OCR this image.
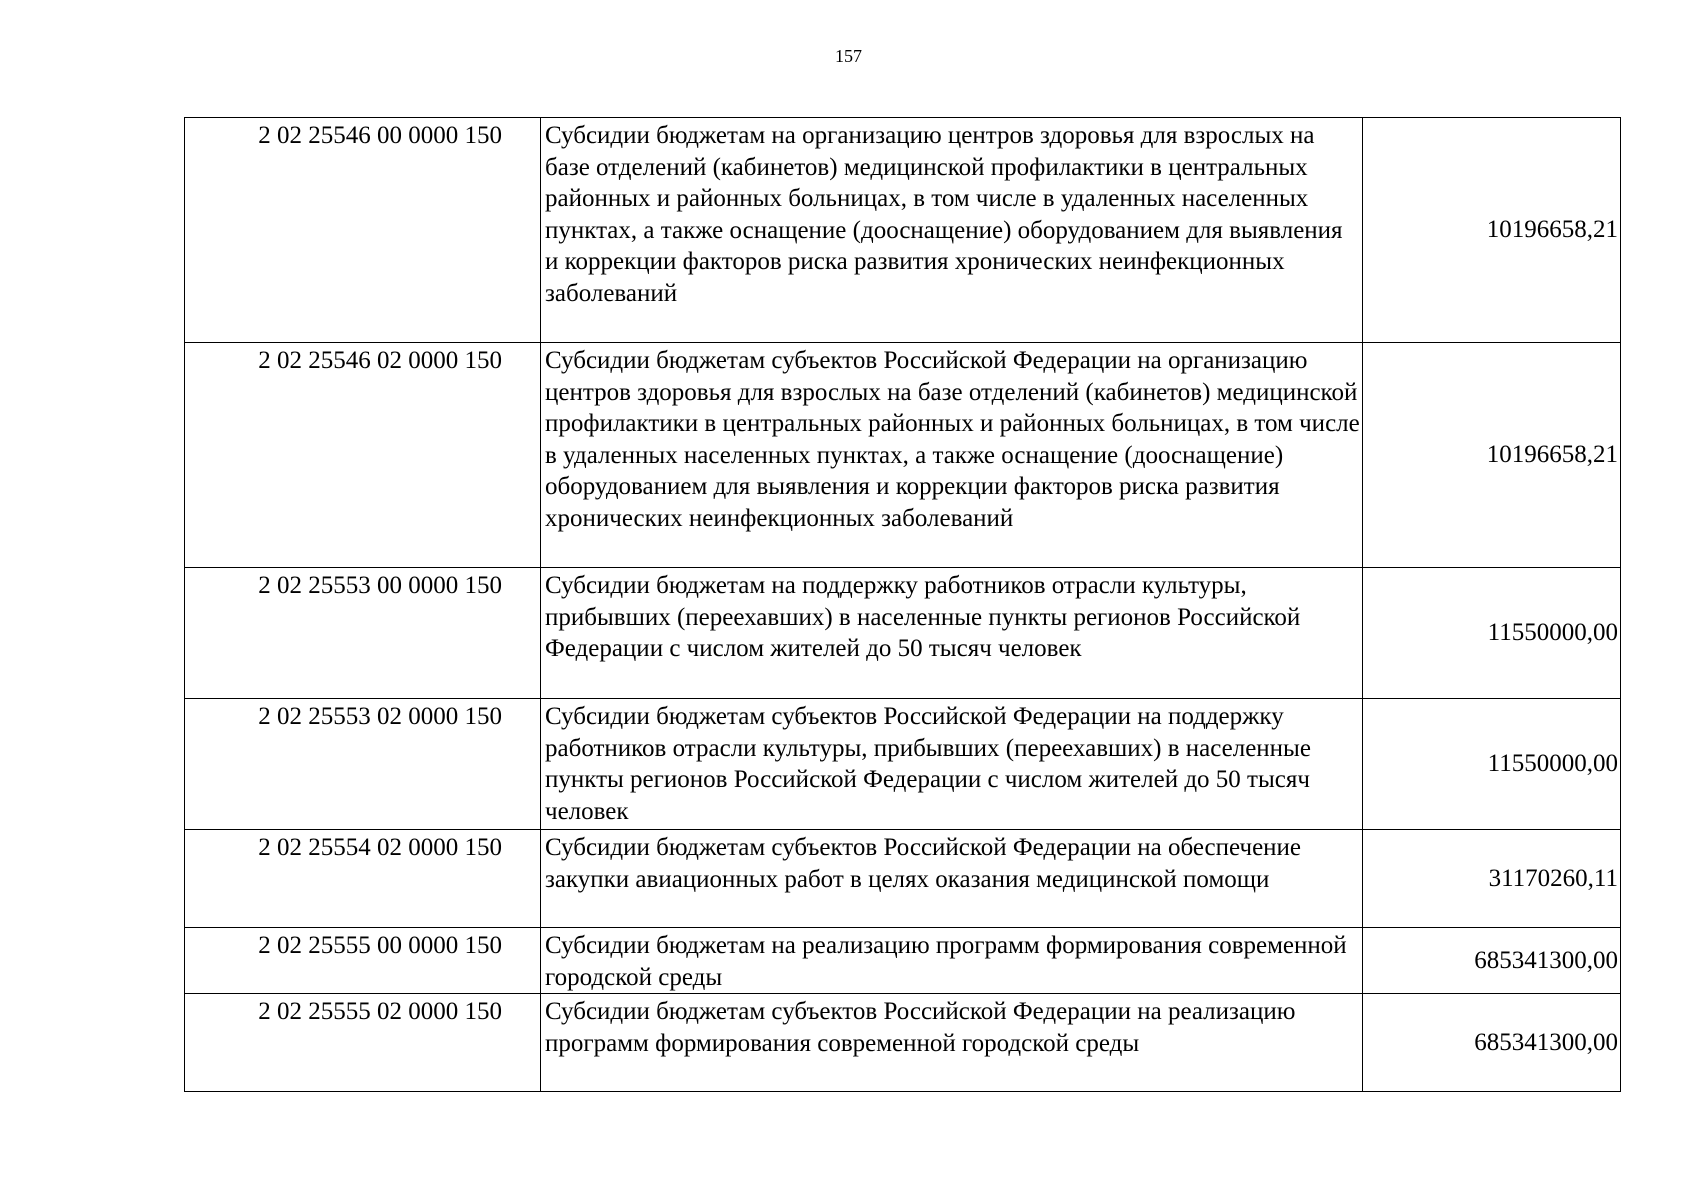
157
2 02 25546 00 0000 150	Субсидии бюджетам на организацию центров здоровья для взрослых на базе отделений (кабинетов) медицинской профилактики в центральных районных и районных больницах, в том числе в удаленных населенных пунктах, а также оснащение (дооснащение) оборудованием для выявления и коррекции факторов риска развития хронических неинфекционных заболеваний	10196658,21
2 02 25546 02 0000 150	Субсидии бюджетам субъектов Российской Федерации на организацию центров здоровья для взрослых на базе отделений (кабинетов) медицинской профилактики в центральных районных и районных больницах, в том числе в удаленных населенных пунктах, а также оснащение (дооснащение) оборудованием для выявления и коррекции факторов риска развития хронических неинфекционных заболеваний	10196658,21
2 02 25553 00 0000 150	Субсидии бюджетам на поддержку работников отрасли культуры, прибывших (переехавших) в населенные пункты регионов Российской Федерации с числом жителей до 50 тысяч человек	11550000,00
2 02 25553 02 0000 150	Субсидии бюджетам субъектов Российской Федерации на поддержку работников отрасли культуры, прибывших (переехавших) в населенные пункты регионов Российской Федерации с числом жителей до 50 тысяч человек	11550000,00
2 02 25554 02 0000 150	Субсидии бюджетам субъектов Российской Федерации на обеспечение закупки авиационных работ в целях оказания медицинской помощи	31170260,11
2 02 25555 00 0000 150	Субсидии бюджетам на реализацию программ формирования современной городской среды	685341300,00
2 02 25555 02 0000 150	Субсидии бюджетам субъектов Российской Федерации на реализацию программ формирования современной городской среды	685341300,00
